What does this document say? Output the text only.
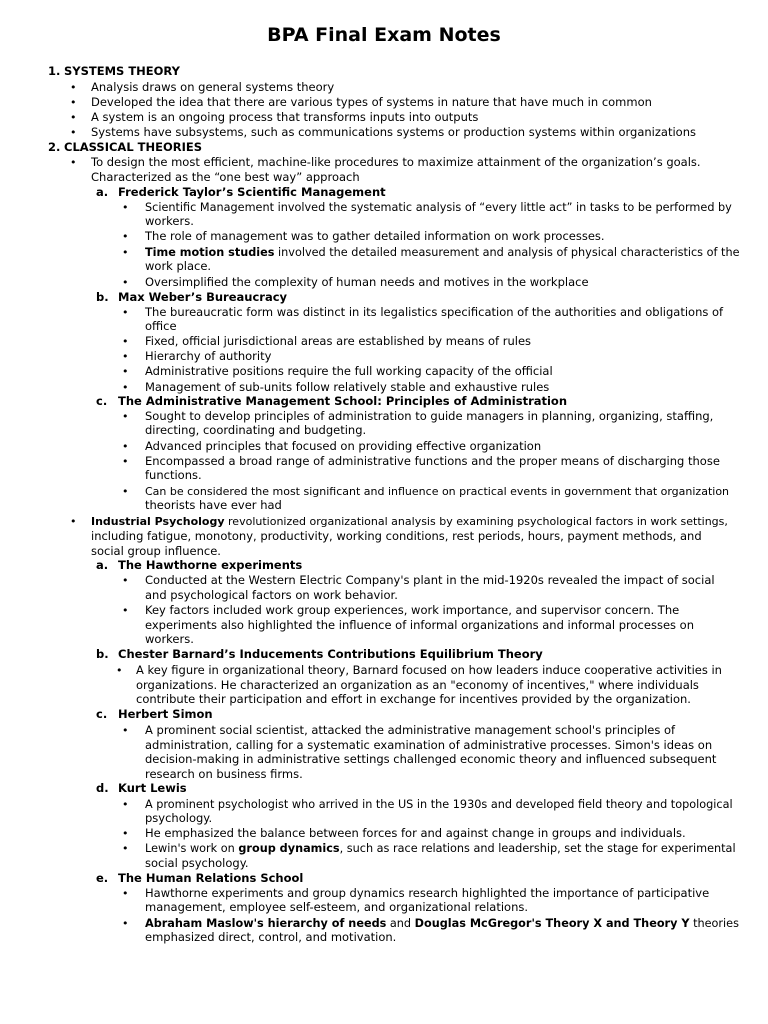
BPA Final Exam Notes
1. SYSTEMS THEORY
• Analysis draws on general systems theory
• Developed the idea that there are various types of systems in nature that have much in common
• A system is an ongoing process that transforms inputs into outputs
• Systems have subsystems, such as communications systems or production systems within organizations
2. CLASSICAL THEORIES
• To design the most efficient, machine-like procedures to maximize attainment of the organization’s goals.
Characterized as the “one best way” approach
a. Frederick Taylor’s Scientific Management
• Scientific Management involved the systematic analysis of “every little act” in tasks to be performed by
workers.
• The role of management was to gather detailed information on work processes.
• Time motion studies involved the detailed measurement and analysis of physical characteristics of the
work place.
• Oversimplified the complexity of human needs and motives in the workplace
b. Max Weber’s Bureaucracy
• The bureaucratic form was distinct in its legalistics specification of the authorities and obligations of
office
• Fixed, official jurisdictional areas are established by means of rules
• Hierarchy of authority
• Administrative positions require the full working capacity of the official
• Management of sub-units follow relatively stable and exhaustive rules
c. The Administrative Management School: Principles of Administration
• Sought to develop principles of administration to guide managers in planning, organizing, staffing,
directing, coordinating and budgeting.
• Advanced principles that focused on providing effective organization
• Encompassed a broad range of administrative functions and the proper means of discharging those
functions.
• Can be considered the most significant and influence on practical events in government that organization
theorists have ever had
• Industrial Psychology revolutionized organizational analysis by examining psychological factors in work settings,
including fatigue, monotony, productivity, working conditions, rest periods, hours, payment methods, and
social group influence.
a. The Hawthorne experiments
• Conducted at the Western Electric Company's plant in the mid-1920s revealed the impact of social
and psychological factors on work behavior.
• Key factors included work group experiences, work importance, and supervisor concern. The
experiments also highlighted the influence of informal organizations and informal processes on
workers.
b. Chester Barnard’s Inducements Contributions Equilibrium Theory
• A key figure in organizational theory, Barnard focused on how leaders induce cooperative activities in
organizations. He characterized an organization as an "economy of incentives," where individuals
contribute their participation and effort in exchange for incentives provided by the organization.
c. Herbert Simon
• A prominent social scientist, attacked the administrative management school's principles of
administration, calling for a systematic examination of administrative processes. Simon's ideas on
decision-making in administrative settings challenged economic theory and influenced subsequent
research on business firms.
d. Kurt Lewis
• A prominent psychologist who arrived in the US in the 1930s and developed field theory and topological
psychology.
• He emphasized the balance between forces for and against change in groups and individuals.
• Lewin's work on group dynamics, such as race relations and leadership, set the stage for experimental
social psychology.
e. The Human Relations School
• Hawthorne experiments and group dynamics research highlighted the importance of participative
management, employee self-esteem, and organizational relations.
• Abraham Maslow's hierarchy of needs and Douglas McGregor's Theory X and Theory Y theories
emphasized direct, control, and motivation.
